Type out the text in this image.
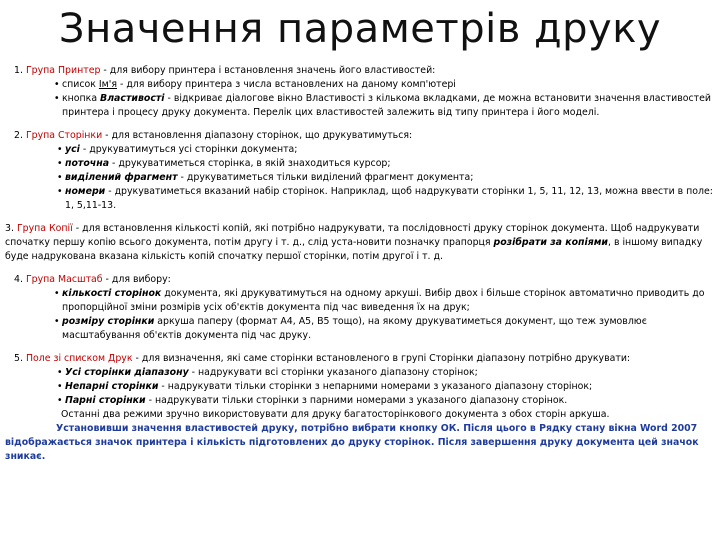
Значення параметрів друку
1. Група Принтер - для вибору принтера і встановлення значень його властивостей:
• список Ім'я - для вибору принтера з числа встановлених на даному комп'ютері
• кнопка Властивості - відкриває діалогове вікно Властивості з кількома вкладками, де можна встановити значення властивостей принтера і процесу друку документа. Перелік цих властивостей залежить від типу принтера і його моделі.
2. Група Сторінки - для встановлення діапазону сторінок, що друкуватимуться:
• усі - друкуватимуться усі сторінки документа;
• поточна - друкуватиметься сторінка, в якій знаходиться курсор;
• виділений фрагмент - друкуватиметься тільки виділений фрагмент документа;
• номери - друкуватиметься вказаний набір сторінок. Наприклад, щоб надрукувати сторінки 1, 5, 11, 12, 13, можна ввести в поле: 1, 5,11-13.
3. Група Копії - для встановлення кількості копій, які потрібно надрукувати, та послідовності друку сторінок документа. Щоб надрукувати спочатку першу копію всього документа, потім другу і т. д., слід уста-новити позначку прапорця розібрати за копіями, в іншому випадку буде надрукована вказана кількість копій спочатку першої сторінки, потім другої і т. д.
4. Група Масштаб - для вибору:
• кількості сторінок документа, які друкуватимуться на одному аркуші. Вибір двох і більше сторінок автоматично приводить до пропорційної зміни розмірів усіх об'єктів документа під час виведення їх на друк;
• розміру сторінки аркуша паперу (формат А4, А5, В5 тощо), на якому друкуватиметься документ, що теж зумовлює масштабування об'єктів документа під час друку.
5. Поле зі списком Друк - для визначення, які саме сторінки встановленого в групі Сторінки діапазону потрібно друкувати:
• Усі сторінки діапазону - надрукувати всі сторінки указаного діапазону сторінок;
• Непарні сторінки - надрукувати тільки сторінки з непарними номерами з указаного діапазону сторінок;
• Парні сторінки - надрукувати тільки сторінки з парними номерами з указаного діапазону сторінок.
Останні два режими зручно використовувати для друку багатосторінкового документа з обох сторін аркуша.
Установивши значення властивостей друку, потрібно вибрати кнопку ОК. Після цього в Рядку стану вікна Word 2007 відображається значок принтера і кількість підготовлених до друку сторінок. Після завершення друку документа цей значок зникає.
